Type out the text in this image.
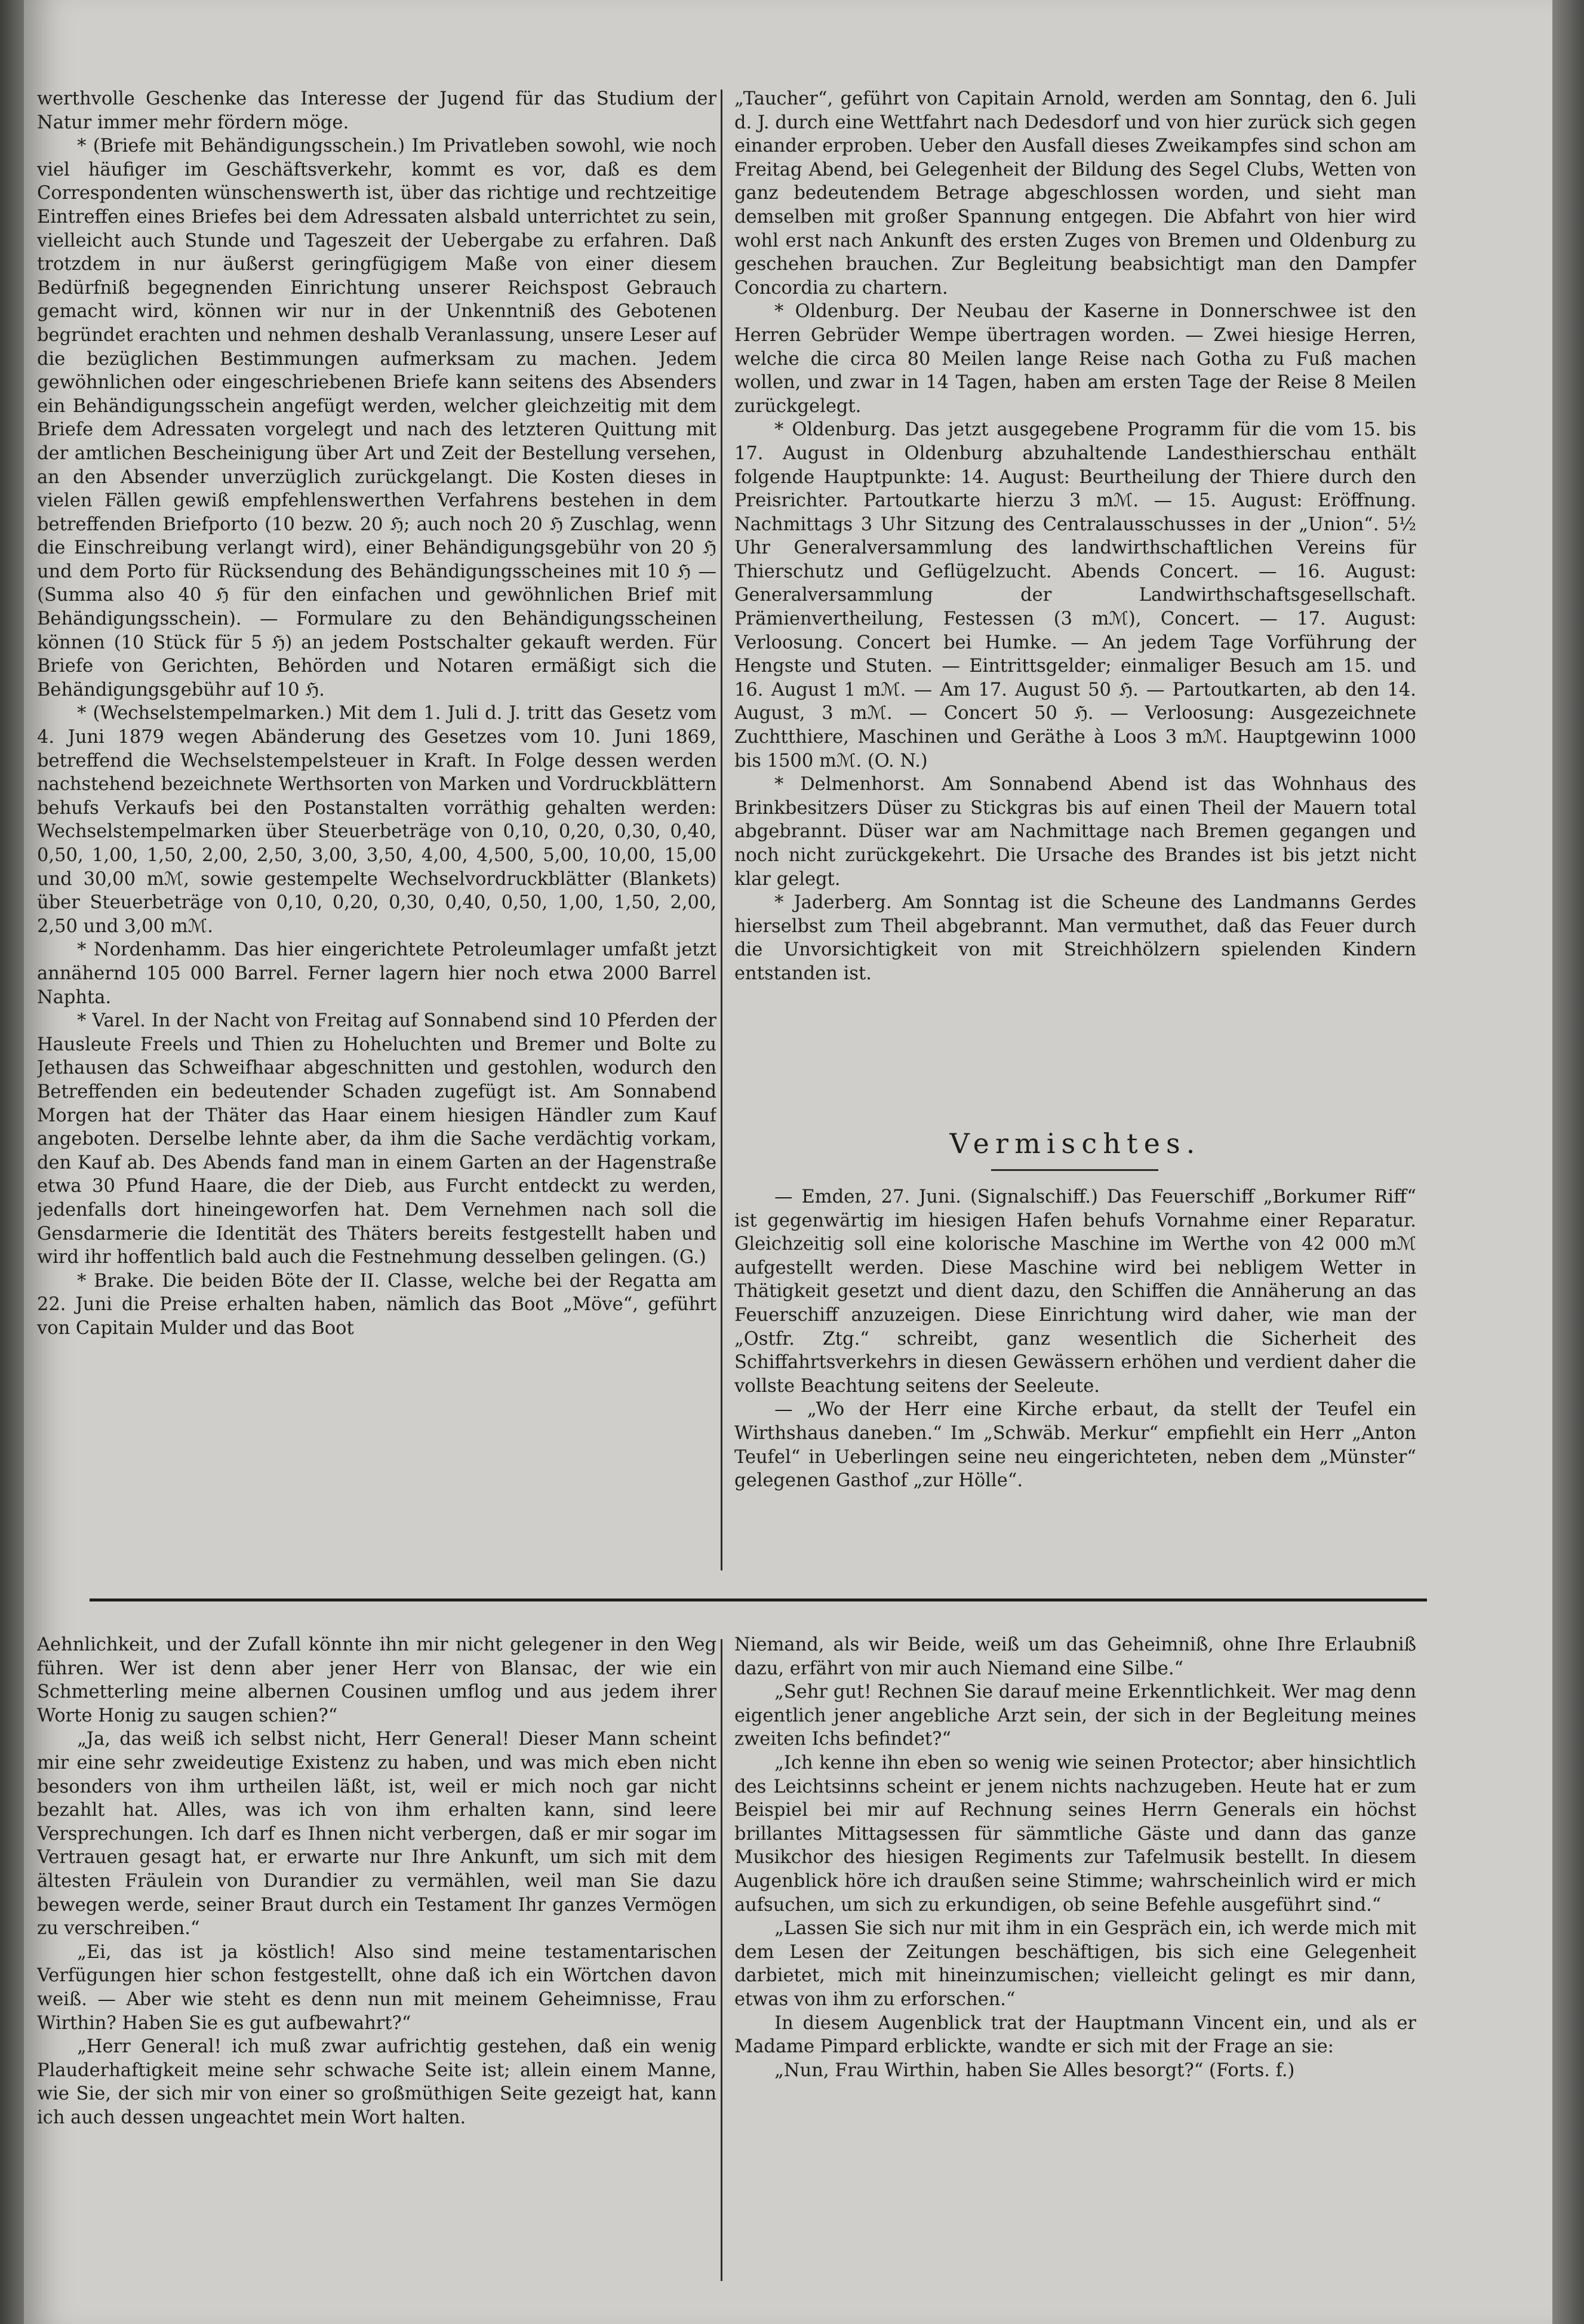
werthvolle Geschenke das Interesse der Jugend für das Studium der Natur immer mehr fördern möge.

* (Briefe mit Behändigungsschein.) Im Privatleben sowohl, wie noch viel häufiger im Geschäftsverkehr, kommt es vor, daß es dem Correspondenten wünschenswerth ist, über das richtige und rechtzeitige Eintreffen eines Briefes bei dem Adressaten alsbald unterrichtet zu sein, vielleicht auch Stunde und Tageszeit der Uebergabe zu erfahren. Daß trotzdem in nur äußerst geringfügigem Maße von einer diesem Bedürfniß begegnenden Einrichtung unserer Reichspost Gebrauch gemacht wird, können wir nur in der Unkenntniß des Gebotenen begründet erachten und nehmen deshalb Veranlassung, unsere Leser auf die bezüglichen Bestimmungen aufmerksam zu machen. Jedem gewöhnlichen oder eingeschriebenen Briefe kann seitens des Absenders ein Behändigungsschein angefügt werden, welcher gleichzeitig mit dem Briefe dem Adressaten vorgelegt und nach des letzteren Quittung mit der amtlichen Bescheinigung über Art und Zeit der Bestellung versehen, an den Absender unverzüglich zurückgelangt. Die Kosten dieses in vielen Fällen gewiß empfehlenswerthen Verfahrens bestehen in dem betreffenden Briefporto (10 bezw. 20 ℌ; auch noch 20 ℌ Zuschlag, wenn die Einschreibung verlangt wird), einer Behändigungsgebühr von 20 ℌ und dem Porto für Rücksendung des Behändigungsscheines mit 10 ℌ — (Summa also 40 ℌ für den einfachen und gewöhnlichen Brief mit Behändigungsschein). — Formulare zu den Behändigungsscheinen können (10 Stück für 5 ℌ) an jedem Postschalter gekauft werden. Für Briefe von Gerichten, Behörden und Notaren ermäßigt sich die Behändigungsgebühr auf 10 ℌ.

* (Wechselstempelmarken.) Mit dem 1. Juli d. J. tritt das Gesetz vom 4. Juni 1879 wegen Abänderung des Gesetzes vom 10. Juni 1869, betreffend die Wechselstempelsteuer in Kraft. In Folge dessen werden nachstehend bezeichnete Werthsorten von Marken und Vordruckblättern behufs Verkaufs bei den Postanstalten vorräthig gehalten werden: Wechselstempelmarken über Steuerbeträge von 0,10, 0,20, 0,30, 0,40, 0,50, 1,00, 1,50, 2,00, 2,50, 3,00, 3,50, 4,00, 4,500, 5,00, 10,00, 15,00 und 30,00 mℳ, sowie gestempelte Wechselvordruckblätter (Blankets) über Steuerbeträge von 0,10, 0,20, 0,30, 0,40, 0,50, 1,00, 1,50, 2,00, 2,50 und 3,00 mℳ.

* Nordenhamm. Das hier eingerichtete Petroleumlager umfaßt jetzt annähernd 105 000 Barrel. Ferner lagern hier noch etwa 2000 Barrel Naphta.

* Varel. In der Nacht von Freitag auf Sonnabend sind 10 Pferden der Hausleute Freels und Thien zu Hoheluchten und Bremer und Bolte zu Jethausen das Schweifhaar abgeschnitten und gestohlen, wodurch den Betreffenden ein bedeutender Schaden zugefügt ist. Am Sonnabend Morgen hat der Thäter das Haar einem hiesigen Händler zum Kauf angeboten. Derselbe lehnte aber, da ihm die Sache verdächtig vorkam, den Kauf ab. Des Abends fand man in einem Garten an der Hagenstraße etwa 30 Pfund Haare, die der Dieb, aus Furcht entdeckt zu werden, jedenfalls dort hineingeworfen hat. Dem Vernehmen nach soll die Gensdarmerie die Identität des Thäters bereits festgestellt haben und wird ihr hoffentlich bald auch die Festnehmung desselben gelingen. (G.)

* Brake. Die beiden Böte der II. Classe, welche bei der Regatta am 22. Juni die Preise erhalten haben, nämlich das Boot „Möve“, geführt von Capitain Mulder und das Boot

„Taucher“, geführt von Capitain Arnold, werden am Sonntag, den 6. Juli d. J. durch eine Wettfahrt nach Dedesdorf und von hier zurück sich gegen einander erproben. Ueber den Ausfall dieses Zweikampfes sind schon am Freitag Abend, bei Gelegenheit der Bildung des Segel Clubs, Wetten von ganz bedeutendem Betrage abgeschlossen worden, und sieht man demselben mit großer Spannung entgegen. Die Abfahrt von hier wird wohl erst nach Ankunft des ersten Zuges von Bremen und Oldenburg zu geschehen brauchen. Zur Begleitung beabsichtigt man den Dampfer Concordia zu chartern.

* Oldenburg. Der Neubau der Kaserne in Donnerschwee ist den Herren Gebrüder Wempe übertragen worden. — Zwei hiesige Herren, welche die circa 80 Meilen lange Reise nach Gotha zu Fuß machen wollen, und zwar in 14 Tagen, haben am ersten Tage der Reise 8 Meilen zurückgelegt.

* Oldenburg. Das jetzt ausgegebene Programm für die vom 15. bis 17. August in Oldenburg abzuhaltende Landesthierschau enthält folgende Hauptpunkte: 14. August: Beurtheilung der Thiere durch den Preisrichter. Partoutkarte hierzu 3 mℳ. — 15. August: Eröffnung. Nachmittags 3 Uhr Sitzung des Centralausschusses in der „Union“. 5½ Uhr Generalversammlung des landwirthschaftlichen Vereins für Thierschutz und Geflügelzucht. Abends Concert. — 16. August: Generalversammlung der Landwirthschaftsgesellschaft. Prämienvertheilung, Festessen (3 mℳ), Concert. — 17. August: Verloosung. Concert bei Humke. — An jedem Tage Vorführung der Hengste und Stuten. — Eintrittsgelder; einmaliger Besuch am 15. und 16. August 1 mℳ. — Am 17. August 50 ℌ. — Partoutkarten, ab den 14. August, 3 mℳ. — Concert 50 ℌ. — Verloosung: Ausgezeichnete Zuchtthiere, Maschinen und Geräthe à Loos 3 mℳ. Hauptgewinn 1000 bis 1500 mℳ. (O. N.)

* Delmenhorst. Am Sonnabend Abend ist das Wohnhaus des Brinkbesitzers Düser zu Stickgras bis auf einen Theil der Mauern total abgebrannt. Düser war am Nachmittage nach Bremen gegangen und noch nicht zurückgekehrt. Die Ursache des Brandes ist bis jetzt nicht klar gelegt.

* Jaderberg. Am Sonntag ist die Scheune des Landmanns Gerdes hierselbst zum Theil abgebrannt. Man vermuthet, daß das Feuer durch die Unvorsichtigkeit von mit Streichhölzern spielenden Kindern entstanden ist.

Vermischtes.

— Emden, 27. Juni. (Signalschiff.) Das Feuerschiff „Borkumer Riff“ ist gegenwärtig im hiesigen Hafen behufs Vornahme einer Reparatur. Gleichzeitig soll eine kolorische Maschine im Werthe von 42 000 mℳ aufgestellt werden. Diese Maschine wird bei nebligem Wetter in Thätigkeit gesetzt und dient dazu, den Schiffen die Annäherung an das Feuerschiff anzuzeigen. Diese Einrichtung wird daher, wie man der „Ostfr. Ztg.“ schreibt, ganz wesentlich die Sicherheit des Schiffahrtsverkehrs in diesen Gewässern erhöhen und verdient daher die vollste Beachtung seitens der Seeleute.

— „Wo der Herr eine Kirche erbaut, da stellt der Teufel ein Wirthshaus daneben.“ Im „Schwäb. Merkur“ empfiehlt ein Herr „Anton Teufel“ in Ueberlingen seine neu eingerichteten, neben dem „Münster“ gelegenen Gasthof „zur Hölle“.

Aehnlichkeit, und der Zufall könnte ihn mir nicht gelegener in den Weg führen. Wer ist denn aber jener Herr von Blansac, der wie ein Schmetterling meine albernen Cousinen umflog und aus jedem ihrer Worte Honig zu saugen schien?“

„Ja, das weiß ich selbst nicht, Herr General! Dieser Mann scheint mir eine sehr zweideutige Existenz zu haben, und was mich eben nicht besonders von ihm urtheilen läßt, ist, weil er mich noch gar nicht bezahlt hat. Alles, was ich von ihm erhalten kann, sind leere Versprechungen. Ich darf es Ihnen nicht verbergen, daß er mir sogar im Vertrauen gesagt hat, er erwarte nur Ihre Ankunft, um sich mit dem ältesten Fräulein von Durandier zu vermählen, weil man Sie dazu bewegen werde, seiner Braut durch ein Testament Ihr ganzes Vermögen zu verschreiben.“

„Ei, das ist ja köstlich! Also sind meine testamentarischen Verfügungen hier schon festgestellt, ohne daß ich ein Wörtchen davon weiß. — Aber wie steht es denn nun mit meinem Geheimnisse, Frau Wirthin? Haben Sie es gut aufbewahrt?“

„Herr General! ich muß zwar aufrichtig gestehen, daß ein wenig Plauderhaftigkeit meine sehr schwache Seite ist; allein einem Manne, wie Sie, der sich mir von einer so großmüthigen Seite gezeigt hat, kann ich auch dessen ungeachtet mein Wort halten.

Niemand, als wir Beide, weiß um das Geheimniß, ohne Ihre Erlaubniß dazu, erfährt von mir auch Niemand eine Silbe.“

„Sehr gut! Rechnen Sie darauf meine Erkenntlichkeit. Wer mag denn eigentlich jener angebliche Arzt sein, der sich in der Begleitung meines zweiten Ichs befindet?“

„Ich kenne ihn eben so wenig wie seinen Protector; aber hinsichtlich des Leichtsinns scheint er jenem nichts nachzugeben. Heute hat er zum Beispiel bei mir auf Rechnung seines Herrn Generals ein höchst brillantes Mittagsessen für sämmtliche Gäste und dann das ganze Musikchor des hiesigen Regiments zur Tafelmusik bestellt. In diesem Augenblick höre ich draußen seine Stimme; wahrscheinlich wird er mich aufsuchen, um sich zu erkundigen, ob seine Befehle ausgeführt sind.“

„Lassen Sie sich nur mit ihm in ein Gespräch ein, ich werde mich mit dem Lesen der Zeitungen beschäftigen, bis sich eine Gelegenheit darbietet, mich mit hineinzumischen; vielleicht gelingt es mir dann, etwas von ihm zu erforschen.“

In diesem Augenblick trat der Hauptmann Vincent ein, und als er Madame Pimpard erblickte, wandte er sich mit der Frage an sie:

„Nun, Frau Wirthin, haben Sie Alles besorgt?“ (Forts. f.)
